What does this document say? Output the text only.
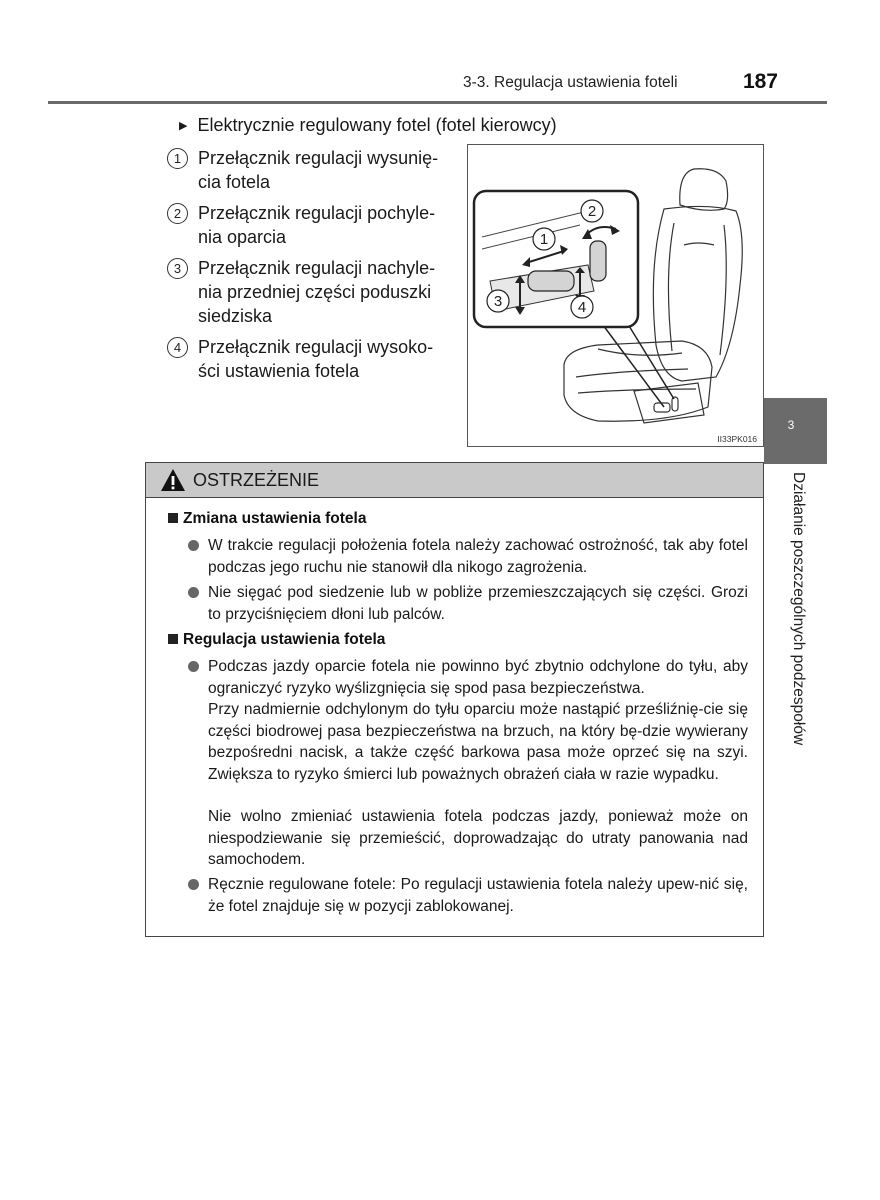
3-3. Regulacja ustawienia foteli	187
3
Działanie poszczególnych podzespołów
▶ Elektrycznie regulowany fotel (fotel kierowcy)
1 Przełącznik regulacji wysunię-
cia fotela
2 Przełącznik regulacji pochyle-
nia oparcia
3 Przełącznik regulacji nachyle-
nia przedniej części poduszki
siedziska
4 Przełącznik regulacji wysoko-
ści ustawienia fotela
1
2
3	4
II33PK016
OSTRZEŻENIE
Zmiana ustawienia fotela
W trakcie regulacji położenia fotela należy zachować ostrożność, tak aby fotel podczas jego ruchu nie stanowił dla nikogo zagrożenia.
Nie sięgać pod siedzenie lub w pobliże przemieszczających się części. Grozi to przyciśnięciem dłoni lub palców.
Regulacja ustawienia fotela
Podczas jazdy oparcie fotela nie powinno być zbytnio odchylone do tyłu, aby ograniczyć ryzyko wyślizgnięcia się spod pasa bezpieczeństwa.
Przy nadmiernie odchylonym do tyłu oparciu może nastąpić prześliźnię-cie się części biodrowej pasa bezpieczeństwa na brzuch, na który bę-dzie wywierany bezpośredni nacisk, a także część barkowa pasa może oprzeć się na szyi. Zwiększa to ryzyko śmierci lub poważnych obrażeń ciała w razie wypadku.
Nie wolno zmieniać ustawienia fotela podczas jazdy, ponieważ może on niespodziewanie się przemieścić, doprowadzając do utraty panowania nad samochodem.
Ręcznie regulowane fotele: Po regulacji ustawienia fotela należy upew-nić się, że fotel znajduje się w pozycji zablokowanej.
